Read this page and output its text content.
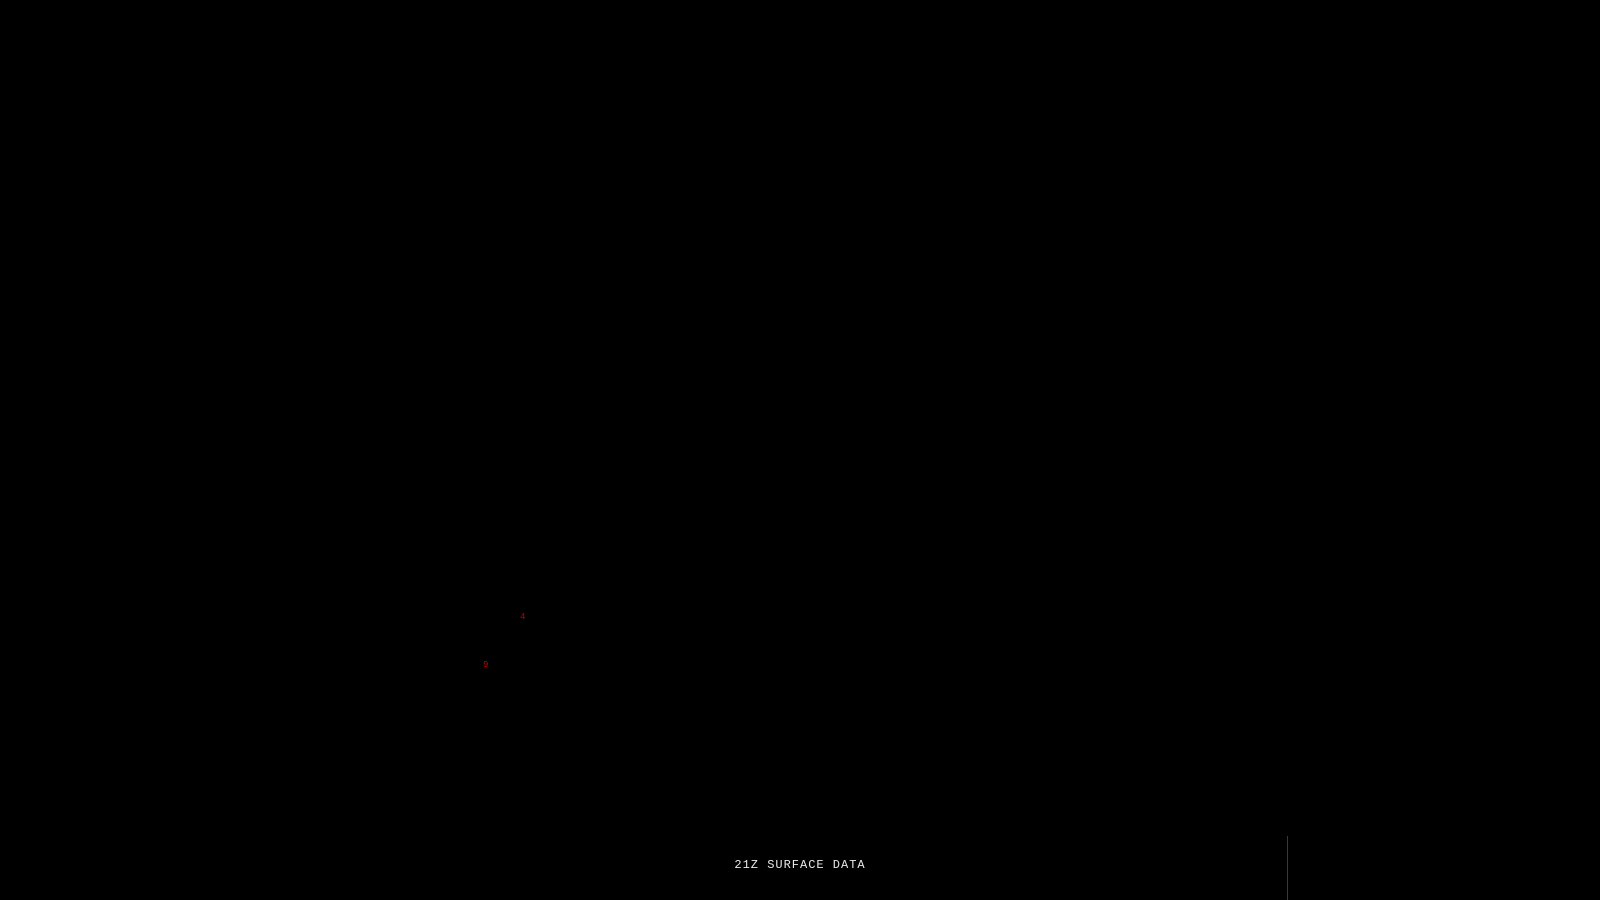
4
9
21Z SURFACE DATA
